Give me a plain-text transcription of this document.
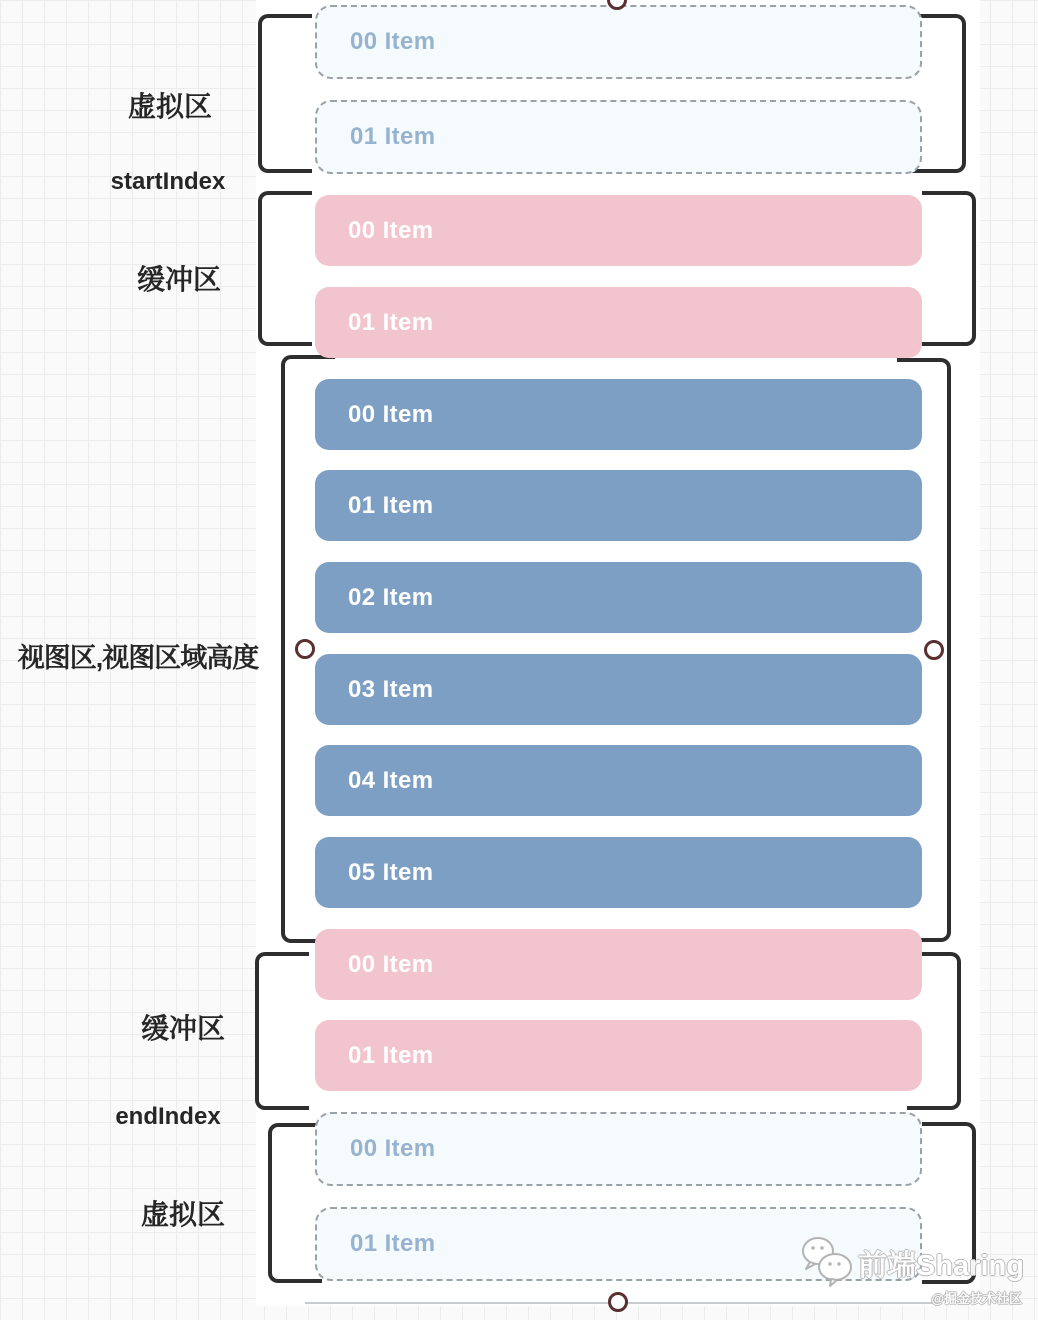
00 Item
01 Item
00 Item
01 Item
00 Item
01 Item
02 Item
03 Item
04 Item
05 Item
00 Item
01 Item
00 Item
01 Item
虚拟区
startIndex
缓冲区
视图区,视图区域高度
缓冲区
endIndex
虚拟区
前端Sharing
@掘金技术社区
